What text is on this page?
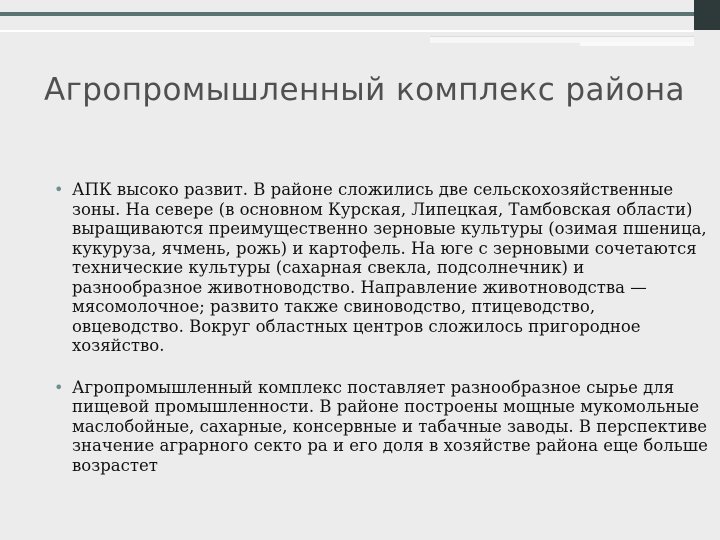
Агропромышленный комплекс района
• АПК высоко развит. В районе сложились две сельскохозяйственные зоны. На севере (в основном Курская, Липецкая, Тамбовская области) выращиваются преимущественно зерновые культуры (озимая пшеница, кукуруза, ячмень, рожь) и картофель. На юге с зерновыми сочетаются технические культуры (сахарная свекла, подсолнечник) и разнообразное животноводство. Направление животноводства — мясомолочное; развито также свиноводство, птицеводство, овцеводство. Вокруг областных центров сложилось пригородное хозяйство.
• Агропромышленный комплекс поставляет разнообразное сырье для пищевой промышленности. В районе построены мощные мукомольные маслобойные, сахарные, консервные и табачные заводы. В перспективе значение аграрного секто ра и его доля в хозяйстве района еще больше возрастет
